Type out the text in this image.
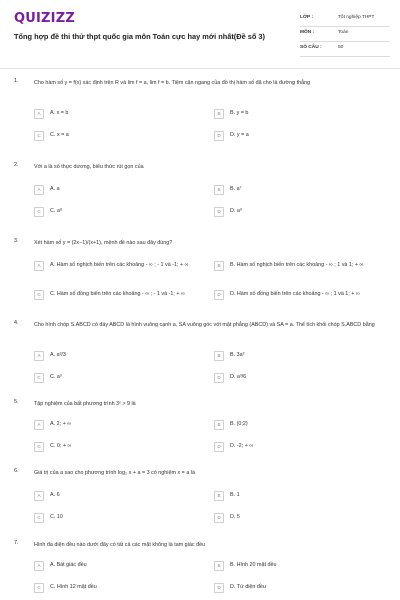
QUIZIZZ
Tổng hợp đề thi thử thpt quốc gia môn Toán cực hay mới nhất(Đề số 3)
LỚP :	Tốt nghiệp THPT
MÔN :	Toán
SỐ CÂU :	50
1.	Cho hàm số y = f(x) xác định trên R và lim f = a, lim f = b. Tiệm cận ngang của đồ thị hàm số đã cho là đường thẳng
A	A. x = b	B	B. y = b
C	C. x = a	D	D. y = a
2.	Với a là số thực dương, biểu thức rút gọn của
A	A. a	B	B. a⁷
C	C. a⁸	D	D. a³
3.	Xét hàm số y = (2x−1)/(x+1), mệnh đề nào sau đây đúng?
A	A. Hàm số nghịch biến trên các khoảng - ∞ ; - 1 và -1; + ∞	B	B. Hàm số nghịch biến trên các khoảng - ∞ ; 1 và 1; + ∞
C	C. Hàm số đồng biến trên các khoảng - ∞ ; - 1 và -1; + ∞	D	D. Hàm số đồng biến trên các khoảng - ∞ ; 1 và 1; + ∞
4.	Cho hình chóp S.ABCD có đáy ABCD là hình vuông cạnh a, SA vuông góc với mặt phẳng (ABCD) và SA = a. Thể tích khối chóp S.ABCD bằng
A	A. a³/3	B	B. 3a³
C	C. a³	D	D. a³/6
5.	Tập nghiệm của bất phương trình 3ˣ > 9 là
A	A. 2; + ∞	B	B. (0;2)
C	C. 0; + ∞	D	D. -2; + ∞
6.	Giá trị của a sao cho phương trình log₂ x + a = 3 có nghiệm x = a là
A	A. 6	B	B. 1
C	C. 10	D	D. 5
7.	Hình đa diện đều nào dưới đây có tất cả các mặt không là tam giác đều
A	A. Bát giác đều	B	B. Hình 20 mặt đều
C	C. Hình 12 mặt đều	D	D. Tứ diện đều
